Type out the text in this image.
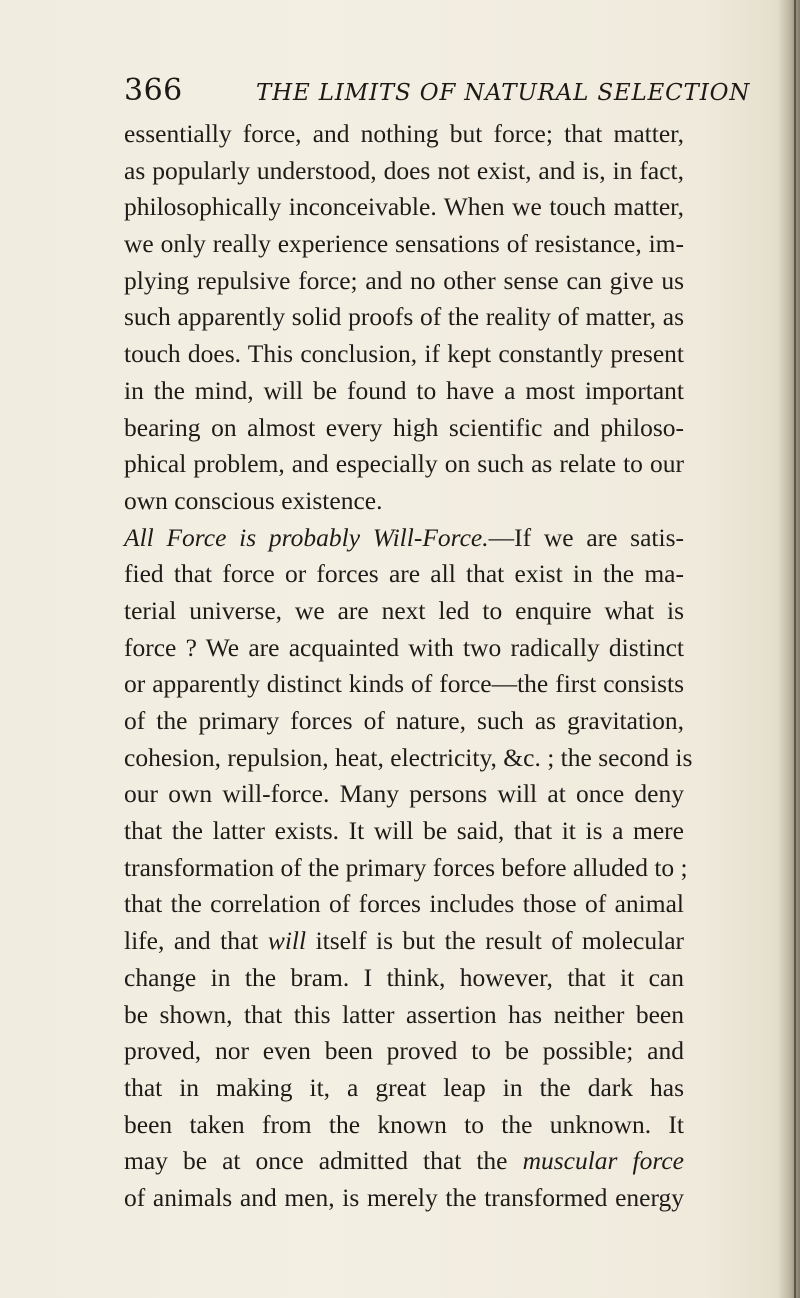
366	THE LIMITS OF NATURAL SELECTION
essentially force, and nothing but force; that matter,
as popularly understood, does not exist, and is, in fact,
philosophically inconceivable. When we touch matter,
we only really experience sensations of resistance, im-
plying repulsive force; and no other sense can give us
such apparently solid proofs of the reality of matter, as
touch does. This conclusion, if kept constantly present
in the mind, will be found to have a most important
bearing on almost every high scientific and philoso-
phical problem, and especially on such as relate to our
own conscious existence.
All Force is probably Will-Force.—If we are satis-
fied that force or forces are all that exist in the ma-
terial universe, we are next led to enquire what is
force ? We are acquainted with two radically distinct
or apparently distinct kinds of force—the first consists
of the primary forces of nature, such as gravitation,
cohesion, repulsion, heat, electricity, &c. ; the second is
our own will-force. Many persons will at once deny
that the latter exists. It will be said, that it is a mere
transformation of the primary forces before alluded to ;
that the correlation of forces includes those of animal
life, and that will itself is but the result of molecular
change in the bram. I think, however, that it can
be shown, that this latter assertion has neither been
proved, nor even been proved to be possible; and
that in making it, a great leap in the dark has
been taken from the known to the unknown. It
may be at once admitted that the muscular force
of animals and men, is merely the transformed energy
